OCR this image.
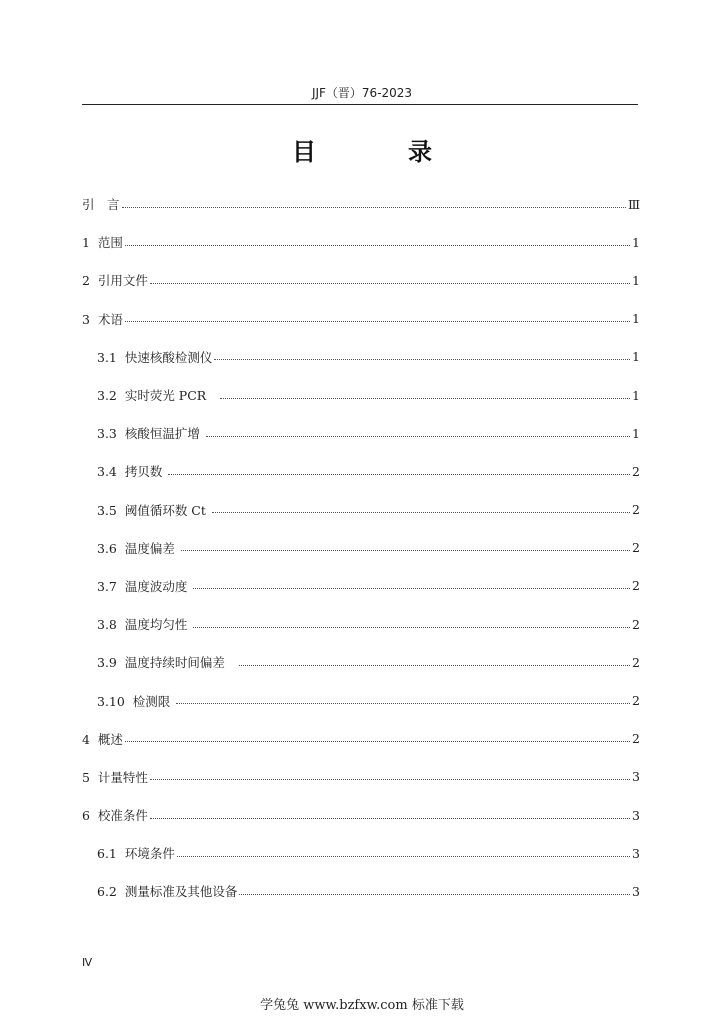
JJF（晋）76-2023
目　录
引　言	Ⅲ
1  范围	1
2  引用文件	1
3  术语	1
3.1  快速核酸检测仪	1
3.2  实时荧光 PCR	1
3.3  核酸恒温扩增	1
3.4  拷贝数	2
3.5  阈值循环数 Ct	2
3.6  温度偏差	2
3.7  温度波动度	2
3.8  温度均匀性	2
3.9  温度持续时间偏差	2
3.10  检测限	2
4  概述	2
5  计量特性	3
6  校准条件	3
6.1  环境条件	3
6.2  测量标准及其他设备	3
Ⅳ
学兔兔 www.bzfxw.com 标准下载
